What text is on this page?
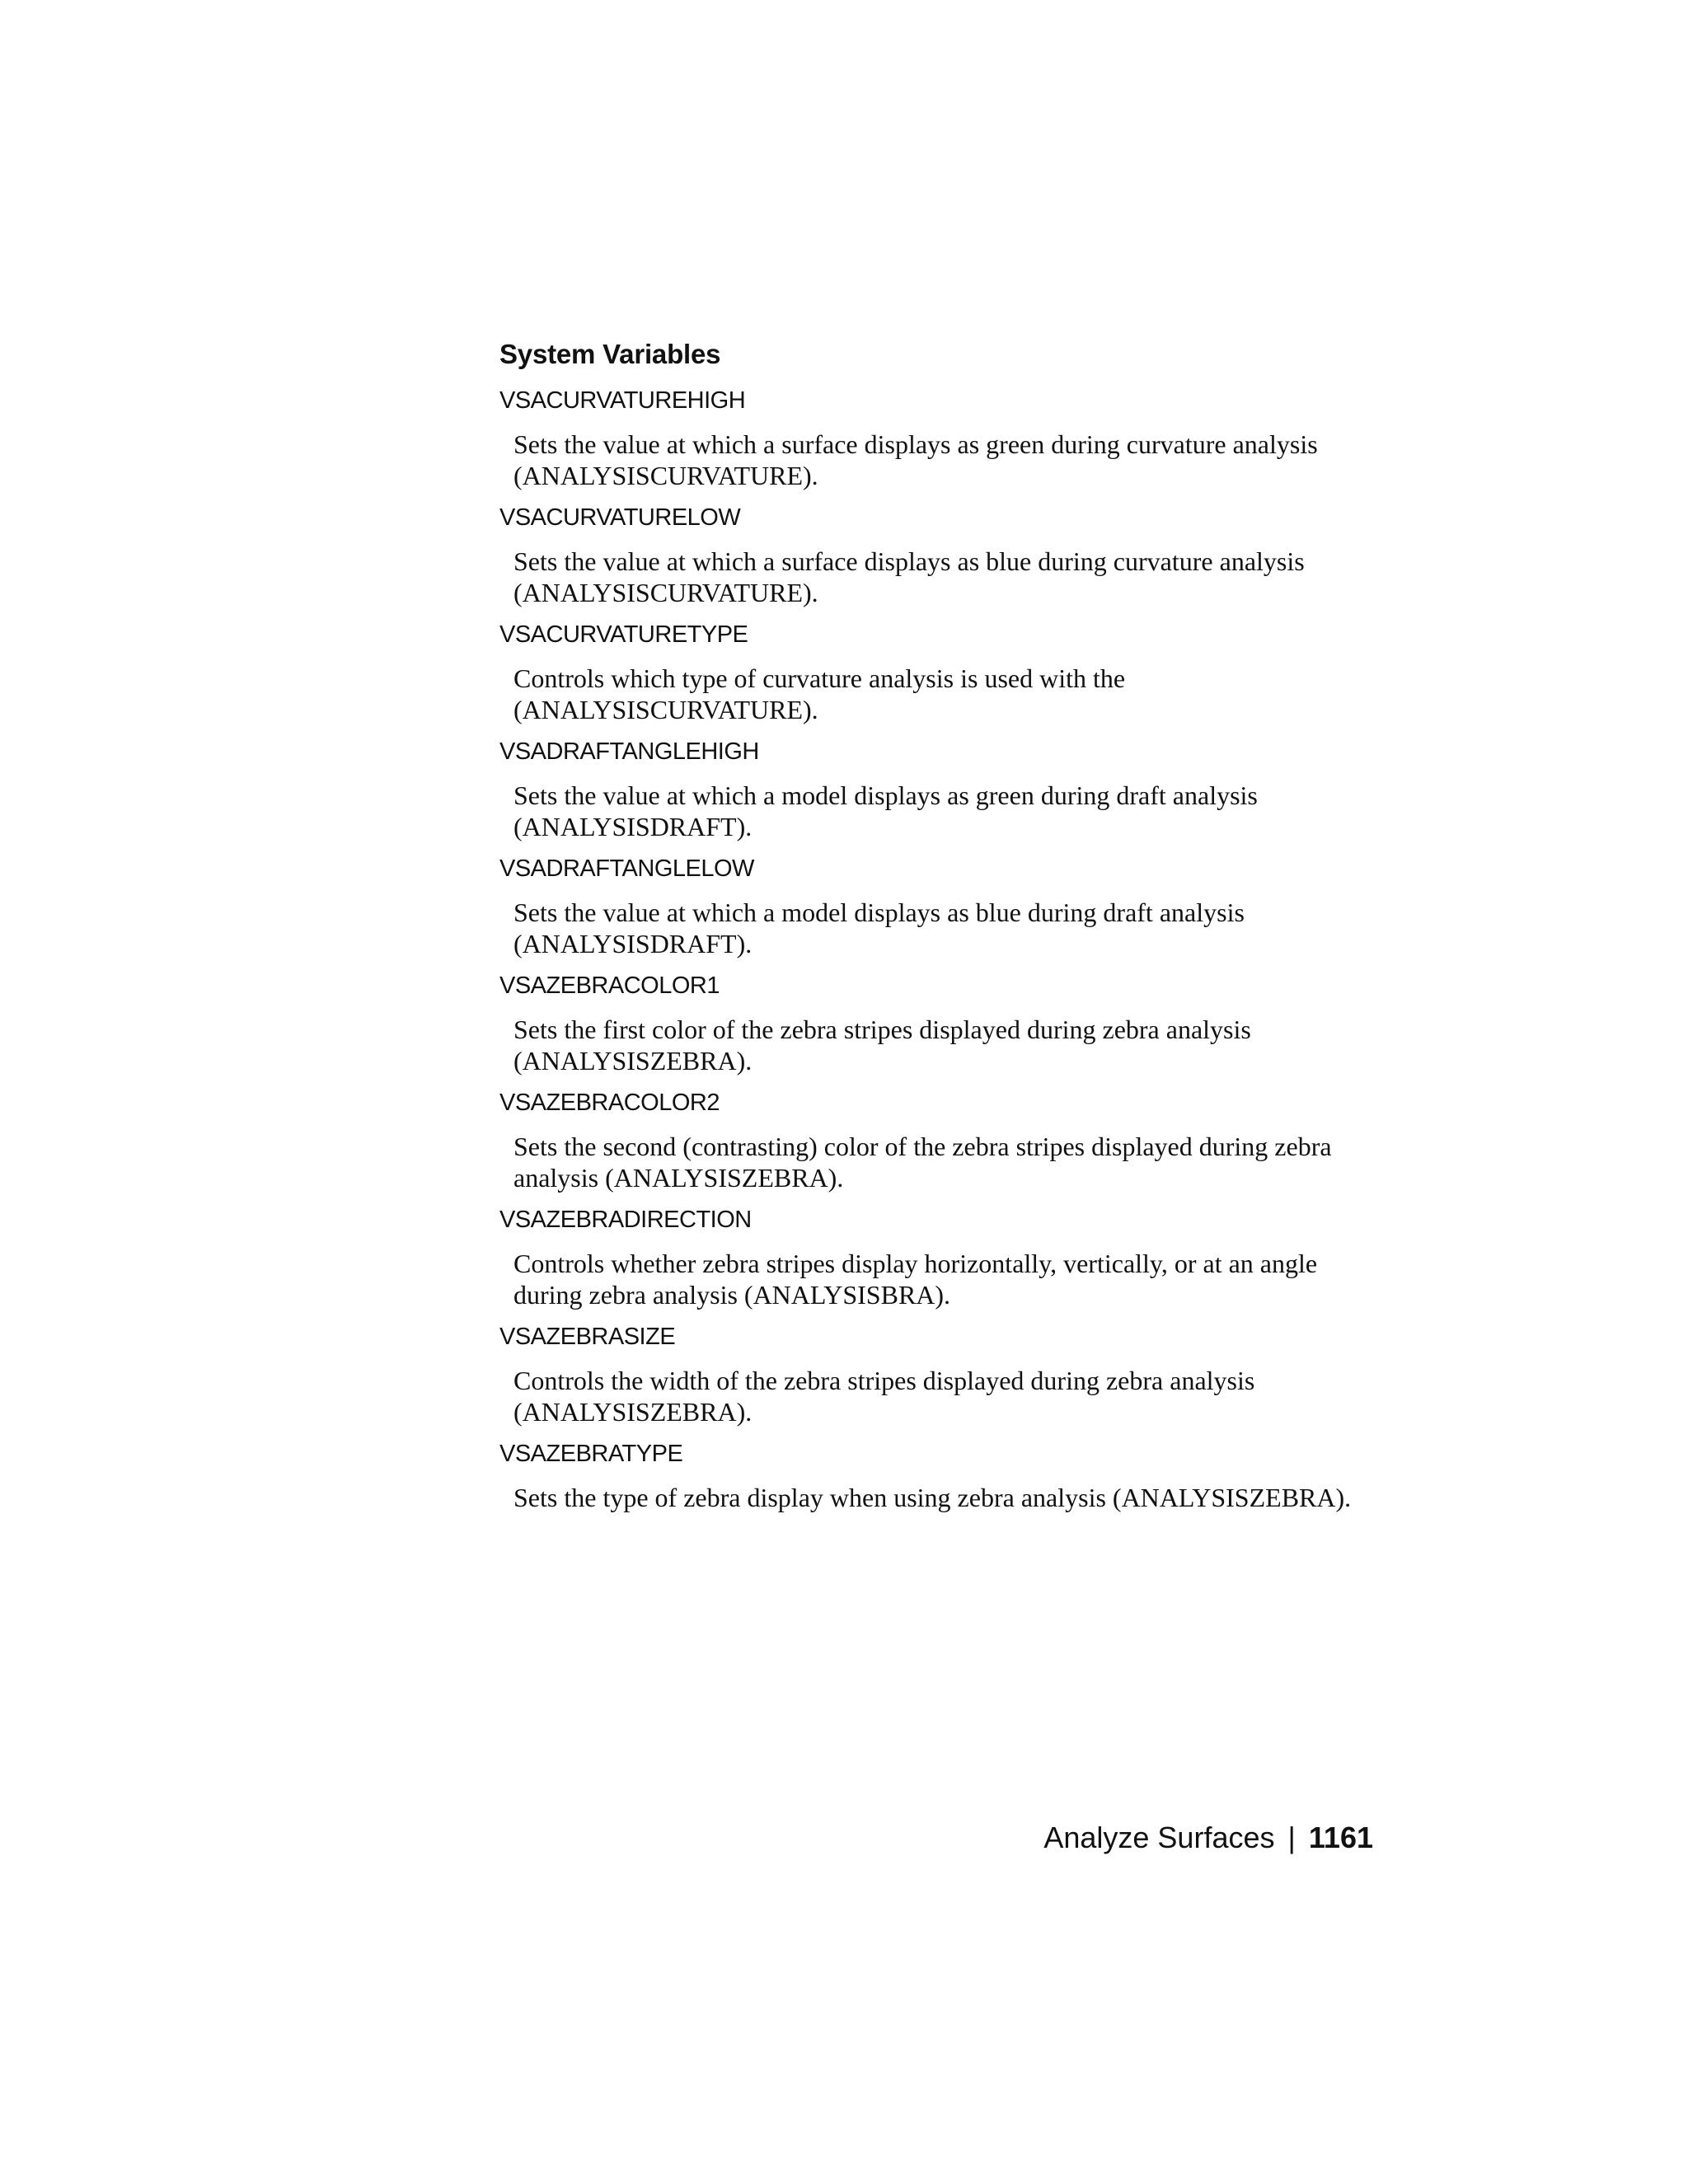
System Variables
VSACURVATUREHIGH
Sets the value at which a surface displays as green during curvature analysis (ANALYSISCURVATURE).
VSACURVATURELOW
Sets the value at which a surface displays as blue during curvature analysis (ANALYSISCURVATURE).
VSACURVATURETYPE
Controls which type of curvature analysis is used with the (ANALYSISCURVATURE).
VSADRAFTANGLEHIGH
Sets the value at which a model displays as green during draft analysis (ANALYSISDRAFT).
VSADRAFTANGLELOW
Sets the value at which a model displays as blue during draft analysis (ANALYSISDRAFT).
VSAZEBRACOLOR1
Sets the first color of the zebra stripes displayed during zebra analysis (ANALYSISZEBRA).
VSAZEBRACOLOR2
Sets the second (contrasting) color of the zebra stripes displayed during zebra analysis (ANALYSISZEBRA).
VSAZEBRADIRECTION
Controls whether zebra stripes display horizontally, vertically, or at an angle during zebra analysis (ANALYSISBRA).
VSAZEBRASIZE
Controls the width of the zebra stripes displayed during zebra analysis (ANALYSISZEBRA).
VSAZEBRATYPE
Sets the type of zebra display when using zebra analysis (ANALYSISZEBRA).
Analyze Surfaces | 1161
